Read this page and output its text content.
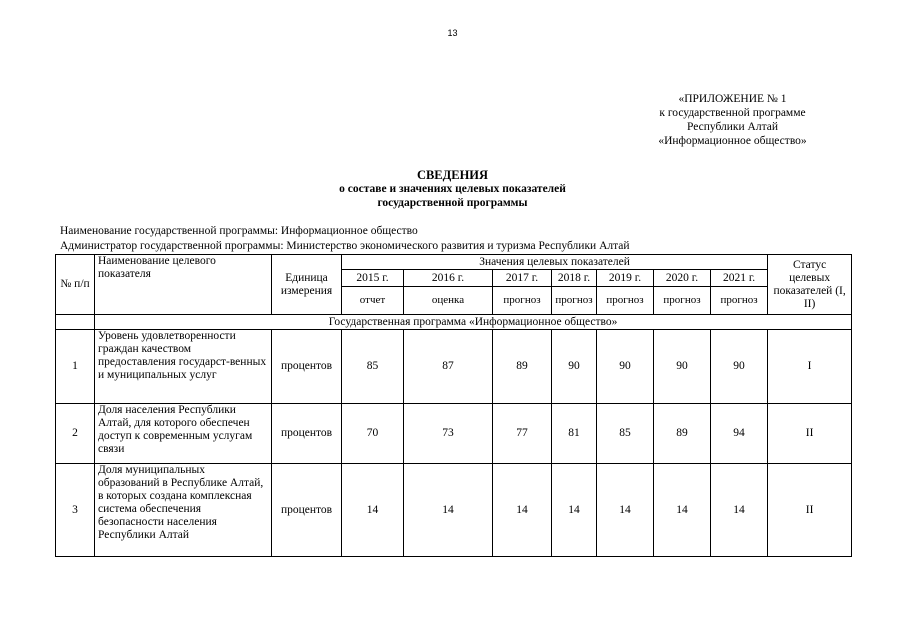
13
«ПРИЛОЖЕНИЕ № 1
к государственной программе
Республики Алтай
«Информационное общество»
СВЕДЕНИЯ
о составе и значениях целевых показателей
государственной программы
Наименование государственной программы: Информационное общество
Администратор государственной программы: Министерство экономического развития и туризма Республики Алтай
№ п/п	Наименование целевого показателя	Единица измерения	Значения целевых показателей							Статус целевых показателей (I, II)
			2015 г.	2016 г.	2017 г.	2018 г.	2019 г.	2020 г.	2021 г.	
			отчет	оценка	прогноз	прогноз	прогноз	прогноз	прогноз	
	Государственная программа «Информационное общество»									
1	Уровень удовлетворенности граждан качеством предоставления государст-венных и муниципальных услуг	процентов	85	87	89	90	90	90	90	I
2	Доля населения Республики Алтай, для которого обеспечен доступ к современным услугам связи	процентов	70	73	77	81	85	89	94	II
3	Доля муниципальных образований в Республике Алтай, в которых создана комплексная система обеспечения безопасности населения Республики Алтай	процентов	14	14	14	14	14	14	14	II
